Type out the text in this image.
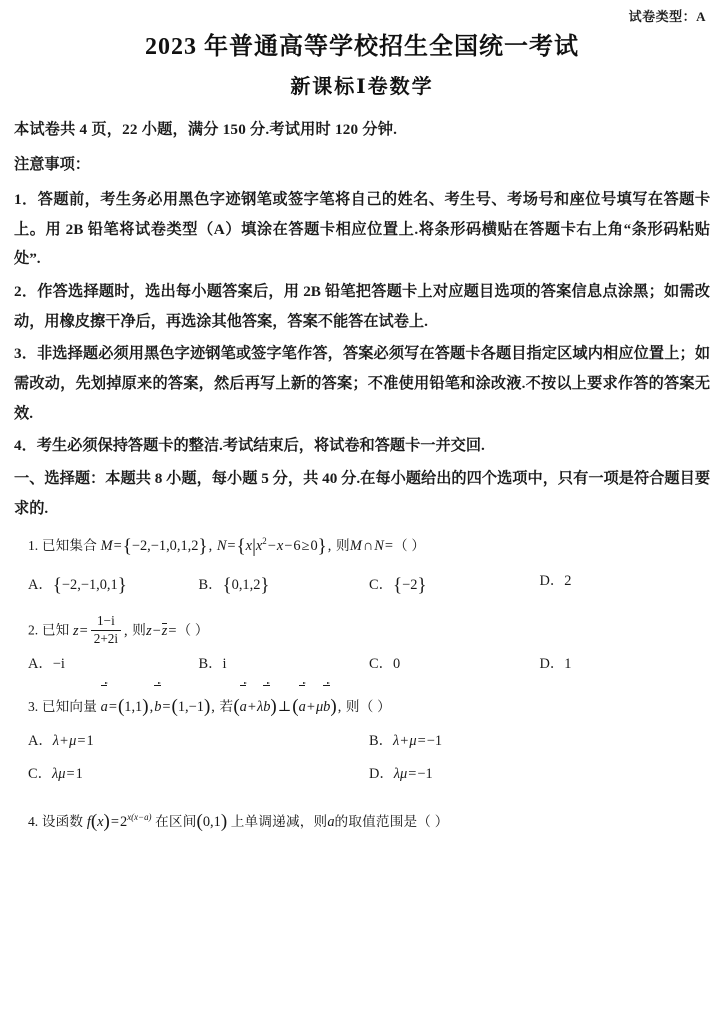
试卷类型：A
2023 年普通高等学校招生全国统一考试
新课标Ⅰ卷数学

本试卷共 4 页，22 小题，满分 150 分.考试用时 120 分钟.

注意事项：

1．答题前，考生务必用黑色字迹钢笔或签字笔将自己的姓名、考生号、考场号和座位号填写在答题卡上。用 2B 铅笔将试卷类型（A）填涂在答题卡相应位置上.将条形码横贴在答题卡右上角“条形码粘贴处”.

2．作答选择题时，选出每小题答案后，用 2B 铅笔把答题卡上对应题目选项的答案信息点涂黑；如需改动，用橡皮擦干净后，再选涂其他答案，答案不能答在试卷上.

3．非选择题必须用黑色字迹钢笔或签字笔作答，答案必须写在答题卡各题目指定区域内相应位置上；如需改动，先划掉原来的答案，然后再写上新的答案；不准使用铅笔和涂改液.不按以上要求作答的答案无效.

4．考生必须保持答题卡的整洁.考试结束后，将试卷和答题卡一并交回.

一、选择题：本题共 8 小题，每小题 5 分，共 40 分.在每小题给出的四个选项中，只有一项是符合题目要求的.

1. 已知集合 M={−2,−1,0,1,2}, $N=\{x|x^2-x-6\ge 0\}$, 则M∩N=（ ）
A．{−2,−1,0,1}	B．{0,1,2}	C．{−2}	D．2
2. 已知 $z= \frac{1-i}{2+2i}$ , 则z−z=（ ）
A．−i	B．i	C．0	D．1
3. 已知向量 a=(1,1),b=(1,−1), 若(a+λb)⊥(a+μb), 则（ ）
A．λ+μ=1	B．λ+μ=−1
C．λμ=1	D．λμ=−1
4. 设函数 $f(x)=2^{x(x-a)}$ 在区间(0,1) 上单调递减，则a的取值范围是（ ）
